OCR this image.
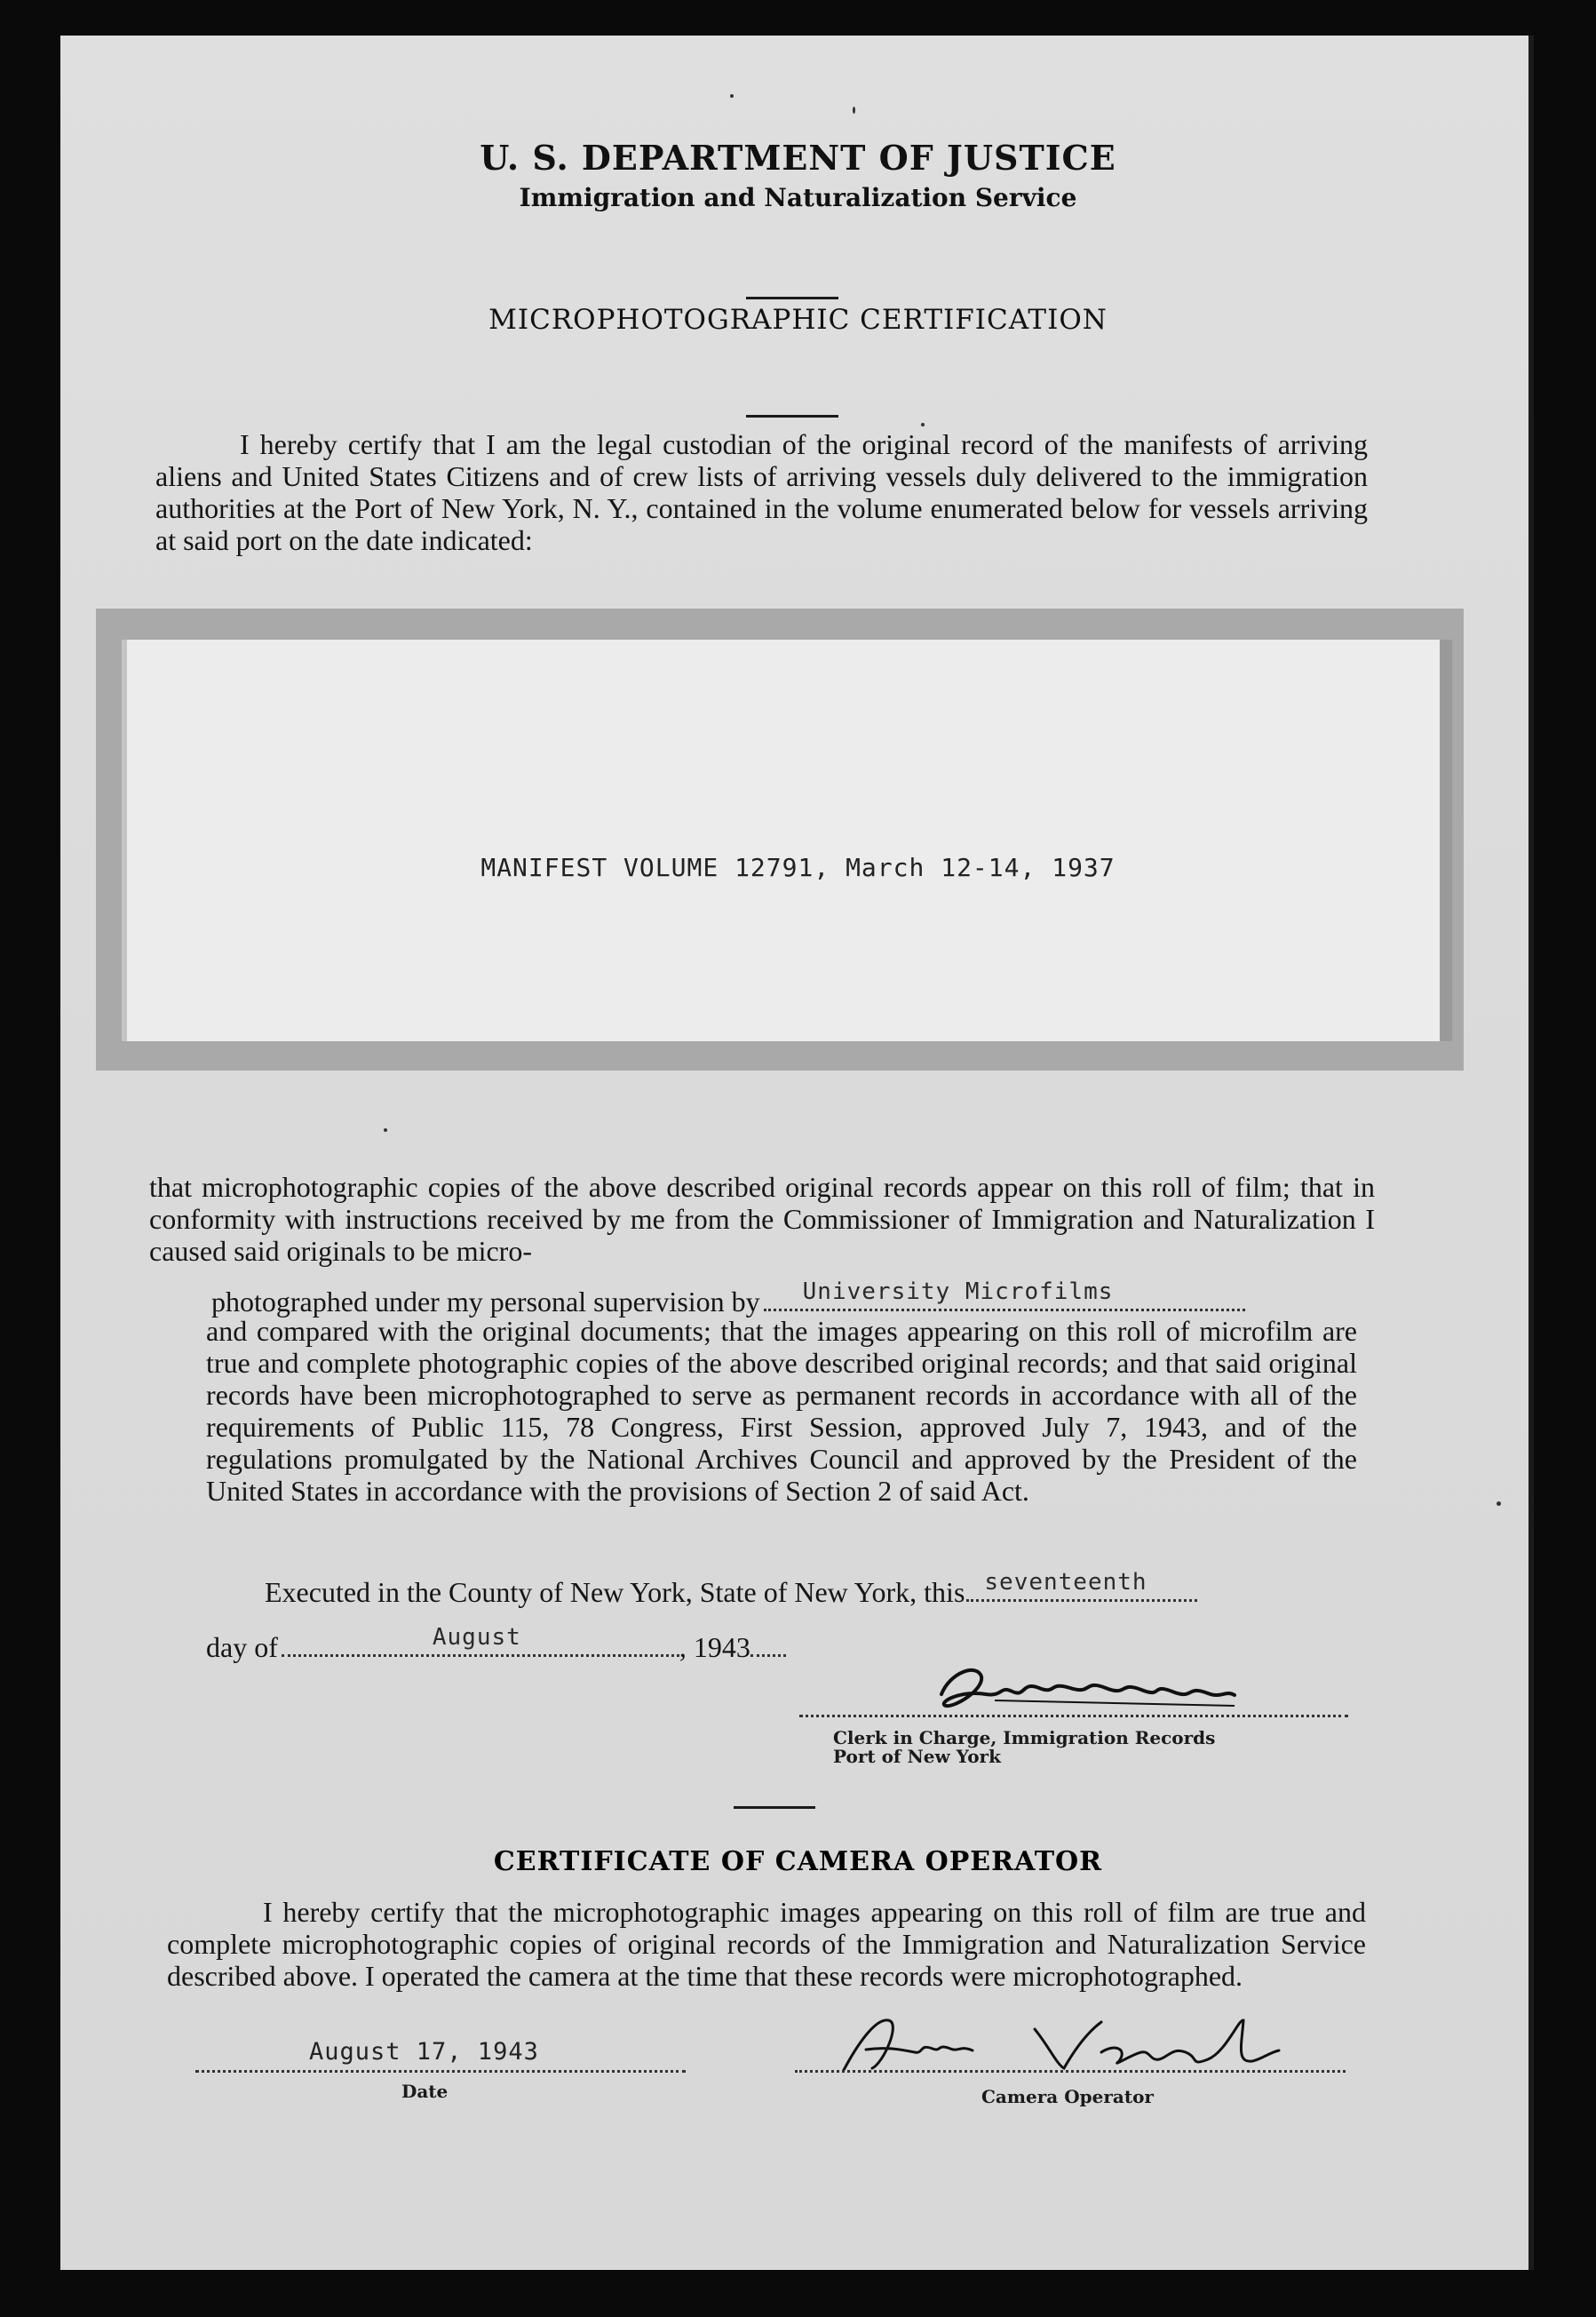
U. S. DEPARTMENT OF JUSTICE
Immigration and Naturalization Service
MICROPHOTOGRAPHIC CERTIFICATION
I hereby certify that I am the legal custodian of the original record of the manifests of arriving aliens and United States Citizens and of crew lists of arriving vessels duly delivered to the immigration authorities at the Port of New York, N. Y., contained in the volume enumerated below for vessels arriving at said port on the date indicated:
MANIFEST VOLUME 12791, March 12-14, 1937
that microphotographic copies of the above described original records appear on this roll of film; that in conformity with instructions received by me from the Commissioner of Immigration and Naturalization I caused said originals to be micro-
photographed under my personal supervision by University Microfilms
and compared with the original documents; that the images appearing on this roll of microfilm are true and complete photographic copies of the above described original records; and that said original records have been microphotographed to serve as permanent records in accordance with all of the requirements of Public 115, 78 Congress, First Session, approved July 7, 1943, and of the regulations promulgated by the National Archives Council and approved by the President of the United States in accordance with the provisions of Section 2 of said Act.
Executed in the County of New York, State of New York, this seventeenth
day of	August	, 1943
Clerk in Charge, Immigration Records
Port of New York
CERTIFICATE OF CAMERA OPERATOR
I hereby certify that the microphotographic images appearing on this roll of film are true and complete microphotographic copies of original records of the Immigration and Naturalization Service described above. I operated the camera at the time that these records were microphotographed.
August 17, 1943
Date	Camera Operator
